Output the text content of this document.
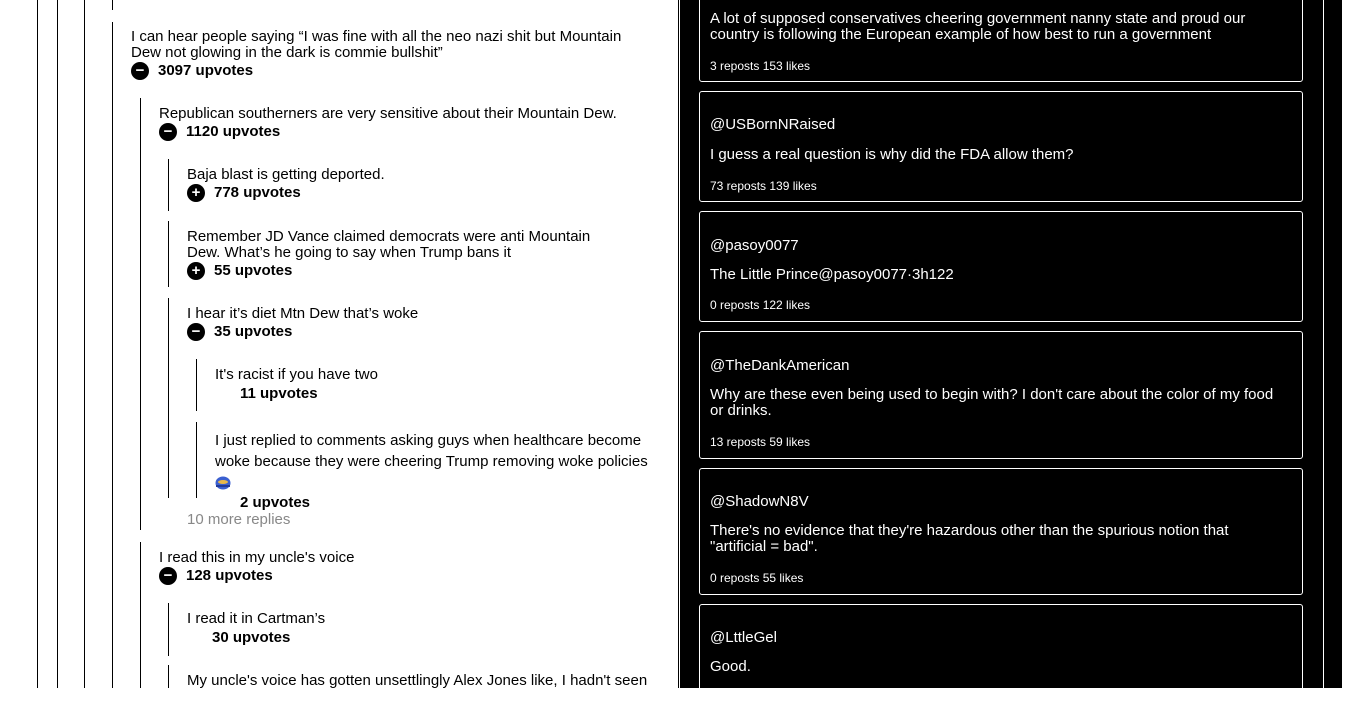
I can hear people saying “I was fine with all the neo nazi shit but Mountain Dew not glowing in the dark is commie bullshit”
− 3097 upvotes
Republican southerners are very sensitive about their Mountain Dew.
− 1120 upvotes
Baja blast is getting deported.
+ 778 upvotes
Remember JD Vance claimed democrats were anti Mountain Dew. What’s he going to say when Trump bans it
+ 55 upvotes
I hear it’s diet Mtn Dew that’s woke
− 35 upvotes
It's racist if you have two
11 upvotes
I just replied to comments asking guys when healthcare become woke because they were cheering Trump removing woke policies
2 upvotes
10 more replies
I read this in my uncle's voice
− 128 upvotes
I read it in Cartman’s
30 upvotes
My uncle's voice has gotten unsettlingly Alex Jones like, I hadn't seen
A lot of supposed conservatives cheering government nanny state and proud our country is following the European example of how best to run a government
3 reposts 153 likes
@USBornNRaised
I guess a real question is why did the FDA allow them?
73 reposts 139 likes
@pasoy0077
The Little Prince@pasoy0077·3h122
0 reposts 122 likes
@TheDankAmerican
Why are these even being used to begin with? I don't care about the color of my food or drinks.
13 reposts 59 likes
@ShadowN8V
There's no evidence that they're hazardous other than the spurious notion that "artificial = bad".
0 reposts 55 likes
@LttleGel
Good.
